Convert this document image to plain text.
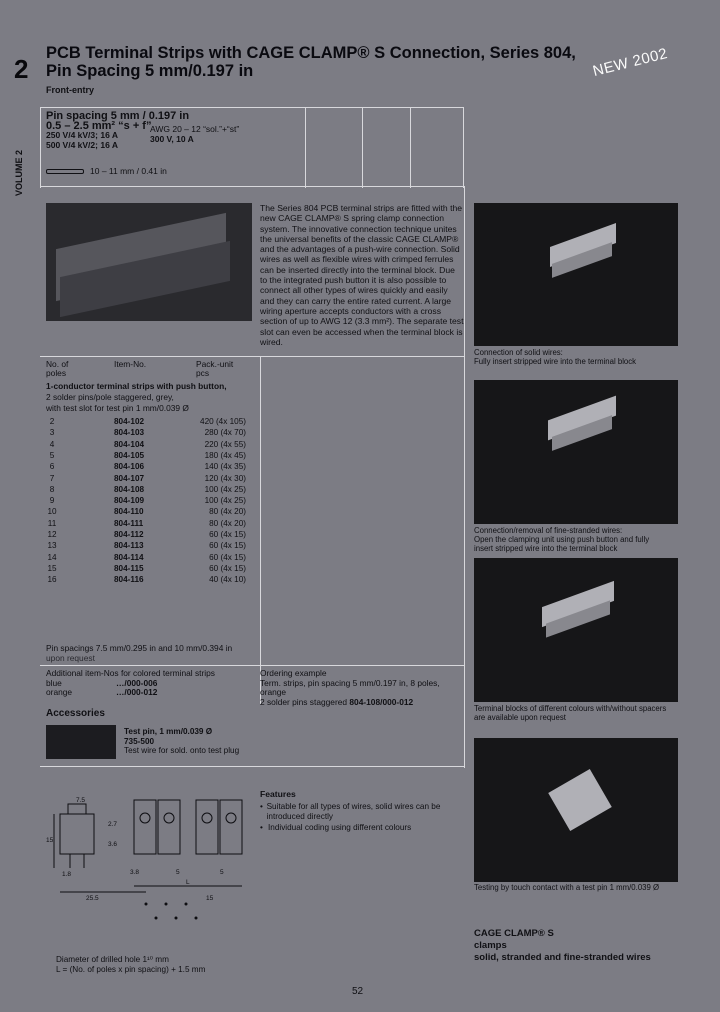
2
PCB Terminal Strips with CAGE CLAMP® S Connection, Series 804,
Pin Spacing 5 mm/0.197 in
Front-entry
NEW 2002
VOLUME 2
Pin spacing 5 mm / 0.197 in
0.5 – 2.5 mm² “s + f”
250 V/4 kV/3; 16 A
500 V/4 kV/2; 16 A
AWG 20 – 12 “sol.”+“st”
300 V, 10 A
10 – 11 mm / 0.41 in
The Series 804 PCB terminal strips are fitted with the new CAGE CLAMP® S spring clamp connection system. The innovative connection technique unites the universal benefits of the classic CAGE CLAMP® and the advantages of a push-wire connection. Solid wires as well as flexible wires with crimped ferrules can be inserted directly into the terminal block. Due to the integrated push button it is also possible to connect all other types of wires quickly and easily and they can carry the entire rated current. A large wiring aperture accepts conductors with a cross section of up to AWG 12 (3.3 mm²). The separate test slot can even be accessed when the terminal block is wired.
No. of poles
Item-No.	Pack.-unit pcs
1-conductor terminal strips with push button,
2 solder pins/pole staggered, grey,
with test slot for test pin 1 mm/0.039 Ø
2	804-102	420 (4x 105)
3	804-103	280 (4x 70)
4	804-104	220 (4x 55)
5	804-105	180 (4x 45)
6	804-106	140 (4x 35)
7	804-107	120 (4x 30)
8	804-108	100 (4x 25)
9	804-109	100 (4x 25)
10	804-110	80 (4x 20)
11	804-111	80 (4x 20)
12	804-112	60 (4x 15)
13	804-113	60 (4x 15)
14	804-114	60 (4x 15)
15	804-115	60 (4x 15)
16	804-116	40 (4x 10)
Pin spacings 7.5 mm/0.295 in and 10 mm/0.394 in
upon request
Additional item-Nos for colored terminal strips
blue	…/000-006
orange	…/000-012
Ordering example
Term. strips, pin spacing 5 mm/0.197 in, 8 poles, orange
2 solder pins staggered 804-108/000-012
Accessories
Test pin, 1 mm/0.039 Ø
735-500
Test wire for sold. onto test plug
Features
• Suitable for all types of wires, solid wires can be introduced directly
• Individual coding using different colours
7.5
3.8	5
2.7
3.6
15
25.5
1.8
15
5
L
Diameter of drilled hole 1¹⁰ mm
L = (No. of poles x pin spacing) + 1.5 mm
Connection of solid wires:
Fully insert stripped wire into the terminal block
Connection/removal of fine-stranded wires:
Open the clamping unit using push button and fully
insert stripped wire into the terminal block
Terminal blocks of different colours with/without spacers
are available upon request
Testing by touch contact with a test pin 1 mm/0.039 Ø
CAGE CLAMP® S
clamps
solid, stranded and fine-stranded wires
52
